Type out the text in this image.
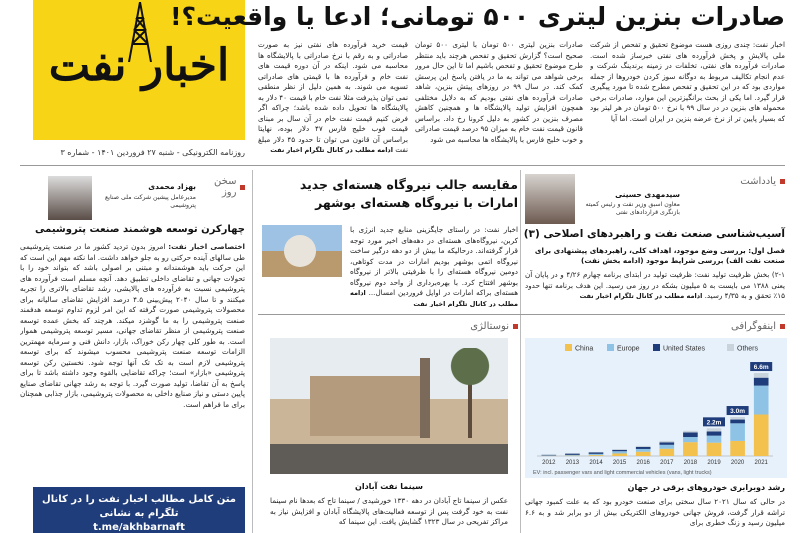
اخبار نفت
روزنامه الکترونیکی - شنبه ۲۷ فروردین ۱۴۰۱ - شماره ۳
صادرات بنزین لیتری ۵۰۰ تومانی؛ ادعا یا واقعیت؟!
اخبار نفت: چندی روزی هست موضوع تحقیق و تفحص از شرکت ملی پالایش و پخش فرآورده های نفتی خبرساز شده است. صادرات فرآورده های نفتی، تخلفات در زمینه برندینگ شرکت و عدم انجام تکالیف مربوط به دوگانه سوز کردن خودروها از جمله مواردی بود که در این تحقیق و تفحص مطرح شده تا مورد پیگیری قرار گیرد. اما یکی از بحث برانگیزترین این موارد، صادرات برخی محموله های بنزین در در سال ۹۹ با نرخ ۵۰۰ تومان در هر لیتر بود که بسیار پایین تر از نرخ عرضه بنزین در ایران است. اما آیا
صادرات بنزین لیتری ۵۰۰ تومان با لیتری ۵۰۰ تومان صحیح است؟ گزارش تحقیق و تفحص هرچند باید منتظر طرح موضوع تحقیق و تفحص باشیم اما تا این حال مرور برخی شواهد می تواند به ما در یافتن پاسخ این پرسش کمک کند. در سال ۹۹ در روزهای پیتش بنزین، شاهد صادرات فرآورده های نفتی بودیم که به دلایل مختلفی همچون افزایش تولید پالایشگاه ها و همچنین کاهش مصرف بنزین در کشور به دلیل کرونا رخ داد. براساس قانون قیمت نفت خام به میزان ۹۵ درصد قیمت صادراتی و خوب خلیج فارس با پالایشگاه ها محاسبه می شود
قیمت خرید فرآورده های نفتی نیز به صورت صادراتی و به رقم با نرخ صادراتی با پالایشگاه ها محاسبه می شود. اینکه در آن دوره قیمت های نفت خام و فرآورده ها با قیمتی های صادراتی تسویه می شوند. به همین دلیل از نظر منطقی نمی توان پذیرفت مثلا نفت خام با قیمت ۴۰ دلار به پالایشگاه ها تحویل داده شده باشد؛ چراکه اگر فرض کنیم قیمت نفت خام در آن سال بر مبنای قیمت فوب خلیج فارس ۴۷ دلار بوده، نهایتا براساس آن قانون می توان تا حدود ۴۵ دلار مبلغ نفت ادامه مطلب در کانال تلگرام اخبار نفت
یادداشت
سیدمهدی حسینی
معاون اسبق وزیر نفت و رئیس کمیته بازنگری قراردادهای نفتی
آسیب‌شناسی صنعت نفت و راهبردهای اصلاحی (۳)
فصل اول: بررسی وضع موجود، اهداف کلی، راهبردهای پیشنهادی برای صنعت نفت الف) بررسی شرایط موجود (ادامه بخش نفت)
۲-۱) بخش ظرفیت تولید نفت: ظرفیت تولید در ابتدای برنامه چهارم ۴/۲۶ و در پایان آن یعنی ۱۳۸۸ می بایست به ۵ میلیون بشکه در روز می رسید. این هدف برنامه تنها حدود ۱۵٪ تحقق و به ۴/۳۵ رسید. ادامه مطلب در کانال تلگرام اخبار نفت
مقایسه جالب نیروگاه هسته‌ای جدید امارات با نیروگاه هسته‌ای بوشهر
اخبار نفت: در راستای جایگزینی منابع جدید انرژی با کربن، نیروگاه‌های هسته‌ای در دهه‌های اخیر مورد توجه قرار گرفته‌اند. درحالیکه ما بیش از دو دهه درگیر ساخت نیروگاه اتمی بوشهر بودیم امارات در مدت کوتاهی، دومین نیروگاه هسته‌ای را با ظرفیتی بالاتر از نیروگاه بوشهر افتتاح کرد. با بهره‌برداری از واحد دوم نیروگاه هسته‌ای براکه امارات در اوایل فروردین امسال... ادامه مطلب در کانال تلگرام اخبار نفت
اینفوگرافی
China	Europe	United States	Others
2012 2013 2014 2015 2016 2017 2018 2019
2.2m
2020
3.0m
2021
6.6m
EV: incl. passenger vars and light commercial vehicles (vans, light trucks)
رشد دوبرابری خودروهای برقی در جهان
در حالی که سال ۲۰۲۱ سال سختی برای صنعت خودرو بود که به علت کمبود جهانی تراشه قرار گرفت، فروش جهانی خودروهای الکتریکی بیش از دو برابر شد و به ۶.۶ میلیون رسید و زنگ خطری برای
نوستالژی
سینما نفت آبادان
عکس از سینما تاج آبادان در دهه ۱۳۳۰ خورشیدی / سینما تاج که بعدها نام سینما نفت به خود گرفت پس از توسعه فعالیت‌های پالایشگاه آبادان و افزایش نیاز به مراکز تفریحی در سال ۱۳۲۳ گشایش یافت. این سینما که
سخن روز
بهزاد محمدی
مدیرعامل پیشین شرکت ملی صنایع پتروشیمی
چهارکرن توسعه هوشمند صنعت پتروشیمی
اختصاصی اخبار نفت: امروز بدون تردید کشور ما در صنعت پتروشیمی طی سالهای آینده حرکتی رو به جلو خواهد داشت. اما نکته مهم این است که این حرکت باید هوشمندانه و مبتنی بر اصولی باشد که بتواند خود را با تحولات جهانی و تقاضای داخلی تطبیق دهد. آنچه مسلم است فرآورده های پتروشیمی نسبت به فرآورده های پالایشی، رشد تقاضای بالاتری را تجربه میکنند و تا سال ۲۰۴۰ پیش‌بینی ۴.۵ درصد افزایش تقاضای سالیانه برای محصولات پتروشیمی صورت گرفته که این امر لزوم تداوم توسعه هدفمند صنعت پتروشیمی را به ما گوشزد میکند. هرچند که بخش عمده توسعه صنعت پتروشیمی از منظر تقاضای جهانی، مسیر توسعه پتروشیمی هموار است. به طور کلی چهار رکن خوراک، بازار، دانش فنی و سرمایه مهمترین الزامات توسعه صنعت پتروشیمی محسوب میشوند که برای توسعه پتروشیمی لازم است به تک تک آنها توجه شود. نخستین رکن توسعه پتروشیمی «بازار» است؛ چراکه تقاضایی بالقوه وجود داشته باشد تا برای پاسخ به آن تقاضا، تولید صورت گیرد. با توجه به رشد جهانی تقاضای صنایع پایین دستی و نیاز صنایع داخلی به محصولات پتروشیمی، بازار جذابی همچنان برای ما فراهم است.
متن کامل مطالب اخبار نفت را در کانال تلگرام به نشانی
t.me/akhbarnaft
